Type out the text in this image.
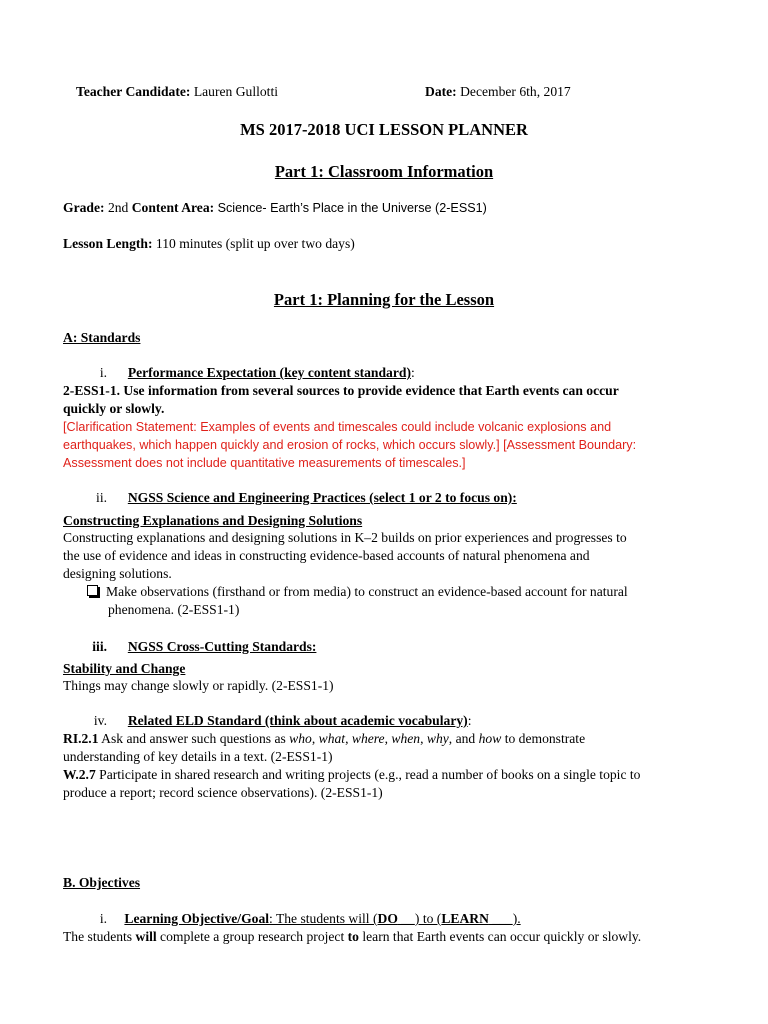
Teacher Candidate: Lauren Gullotti	Date: December 6th, 2017
MS 2017-2018 UCI LESSON PLANNER
Part 1: Classroom Information
Grade: 2nd Content Area: Science- Earth’s Place in the Universe (2-ESS1)
Lesson Length: 110 minutes (split up over two days)
Part 1: Planning for the Lesson
A: Standards
i. Performance Expectation (key content standard):
2-ESS1-1. Use information from several sources to provide evidence that Earth events can occur
quickly or slowly.
[Clarification Statement: Examples of events and timescales could include volcanic explosions and
earthquakes, which happen quickly and erosion of rocks, which occurs slowly.] [Assessment Boundary:
Assessment does not include quantitative measurements of timescales.]
ii. NGSS Science and Engineering Practices (select 1 or 2 to focus on):
Constructing Explanations and Designing Solutions
Constructing explanations and designing solutions in K–2 builds on prior experiences and progresses to
the use of evidence and ideas in constructing evidence-based accounts of natural phenomena and
designing solutions.
Make observations (firsthand or from media) to construct an evidence-based account for natural
phenomena. (2-ESS1-1)
iii. NGSS Cross-Cutting Standards:
Stability and Change
Things may change slowly or rapidly. (2-ESS1-1)
iv. Related ELD Standard (think about academic vocabulary):
RI.2.1 Ask and answer such questions as who, what, where, when, why, and how to demonstrate
understanding of key details in a text. (2-ESS1-1)
W.2.7 Participate in shared research and writing projects (e.g., read a number of books on a single topic to
produce a report; record science observations). (2-ESS1-1)
B. Objectives
i. Learning Objective/Goal: The students will (DO __) to (LEARN ___).
The students will complete a group research project to learn that Earth events can occur quickly or slowly.
